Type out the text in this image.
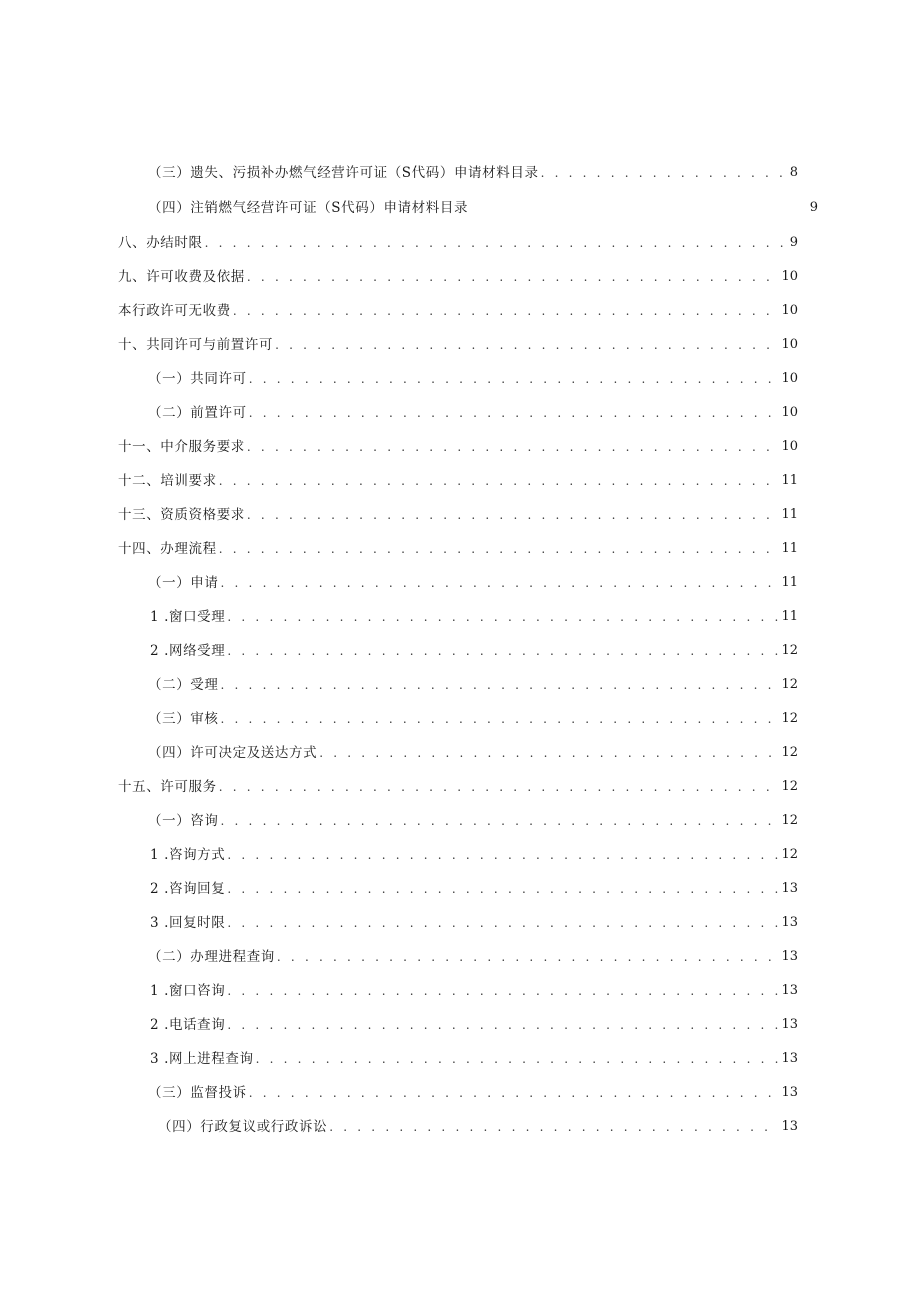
（三）遗失、污损补办燃气经营许可证（S代码）申请材料目录 . . .	8
（四）注销燃气经营许可证（S代码）申请材料目录	9
八、办结时限 . . .	9
九、许可收费及依据 . . .	10
本行政许可无收费 . . .	10
十、共同许可与前置许可 . . .	10
（一）共同许可 . . .	10
（二）前置许可 . . .	10
十一、中介服务要求 . . .	10
十二、培训要求 . . .	11
十三、资质资格要求 . . .	11
十四、办理流程 . . .	11
（一）申请 . . .	11
1 .窗口受理 . . .	11
2 .网络受理 . . .	12
（二）受理 . . .	12
（三）审核 . . .	12
（四）许可决定及送达方式 . . .	12
十五、许可服务 . . .	12
（一）咨询 . . .	12
1 .咨询方式 . . .	12
2 .咨询回复 . . .	13
3 .回复时限 . . .	13
（二）办理进程查询 . . .	13
1 .窗口咨询 . . .	13
2 .电话查询 . . .	13
3 .网上进程查询 . . .	13
（三）监督投诉 . . .	13
（四）行政复议或行政诉讼 . . .	13
